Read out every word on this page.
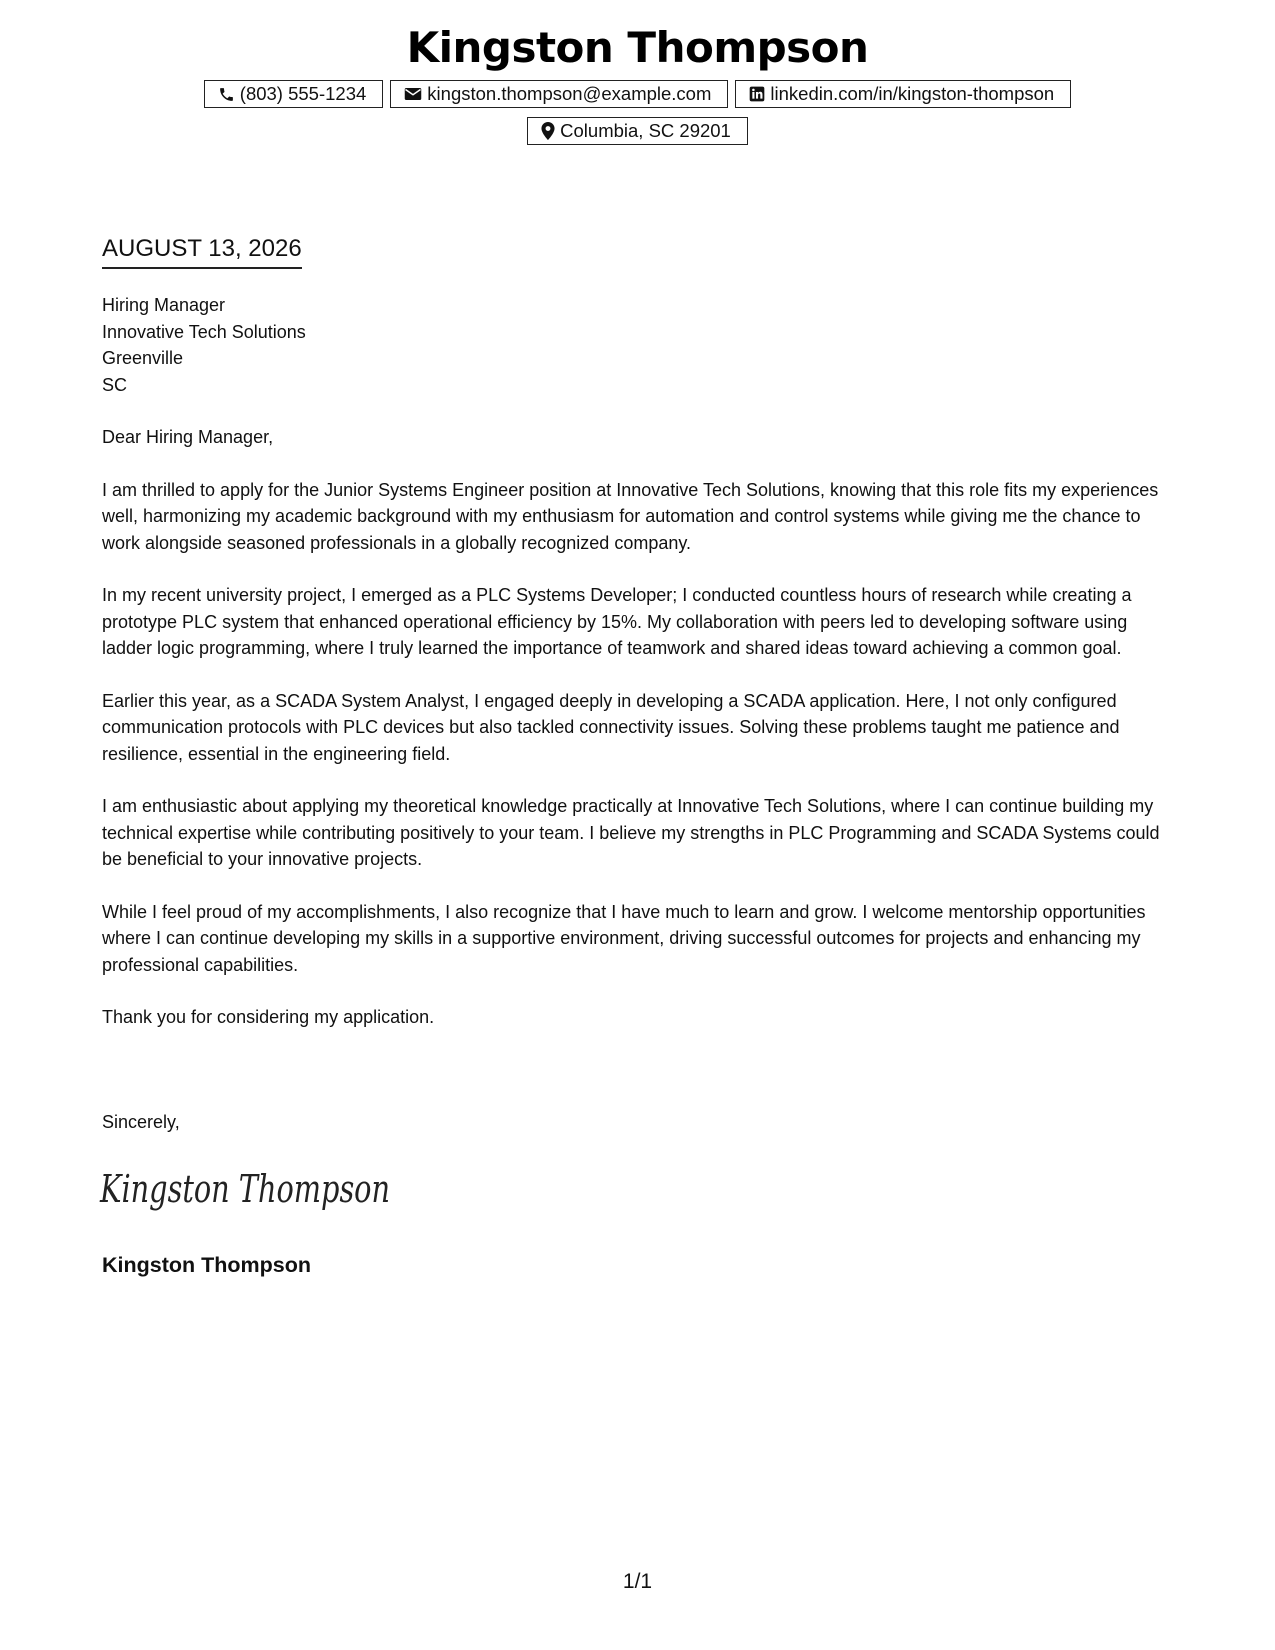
Kingston Thompson
(803) 555-1234	kingston.thompson@example.com	linkedin.com/in/kingston-thompson
Columbia, SC 29201
AUGUST 13, 2026
Hiring Manager
Innovative Tech Solutions
Greenville
SC

Dear Hiring Manager,

I am thrilled to apply for the Junior Systems Engineer position at Innovative Tech Solutions, knowing that this role fits my experiences well, harmonizing my academic background with my enthusiasm for automation and control systems while giving me the chance to work alongside seasoned professionals in a globally recognized company.

In my recent university project, I emerged as a PLC Systems Developer; I conducted countless hours of research while creating a prototype PLC system that enhanced operational efficiency by 15%. My collaboration with peers led to developing software using ladder logic programming, where I truly learned the importance of teamwork and shared ideas toward achieving a common goal.

Earlier this year, as a SCADA System Analyst, I engaged deeply in developing a SCADA application. Here, I not only configured communication protocols with PLC devices but also tackled connectivity issues. Solving these problems taught me patience and resilience, essential in the engineering field.

I am enthusiastic about applying my theoretical knowledge practically at Innovative Tech Solutions, where I can continue building my technical expertise while contributing positively to your team. I believe my strengths in PLC Programming and SCADA Systems could be beneficial to your innovative projects.

While I feel proud of my accomplishments, I also recognize that I have much to learn and grow. I welcome mentorship opportunities where I can continue developing my skills in a supportive environment, driving successful outcomes for projects and enhancing my professional capabilities.

Thank you for considering my application.

Sincerely,
Kingston Thompson
Kingston Thompson
1/1
